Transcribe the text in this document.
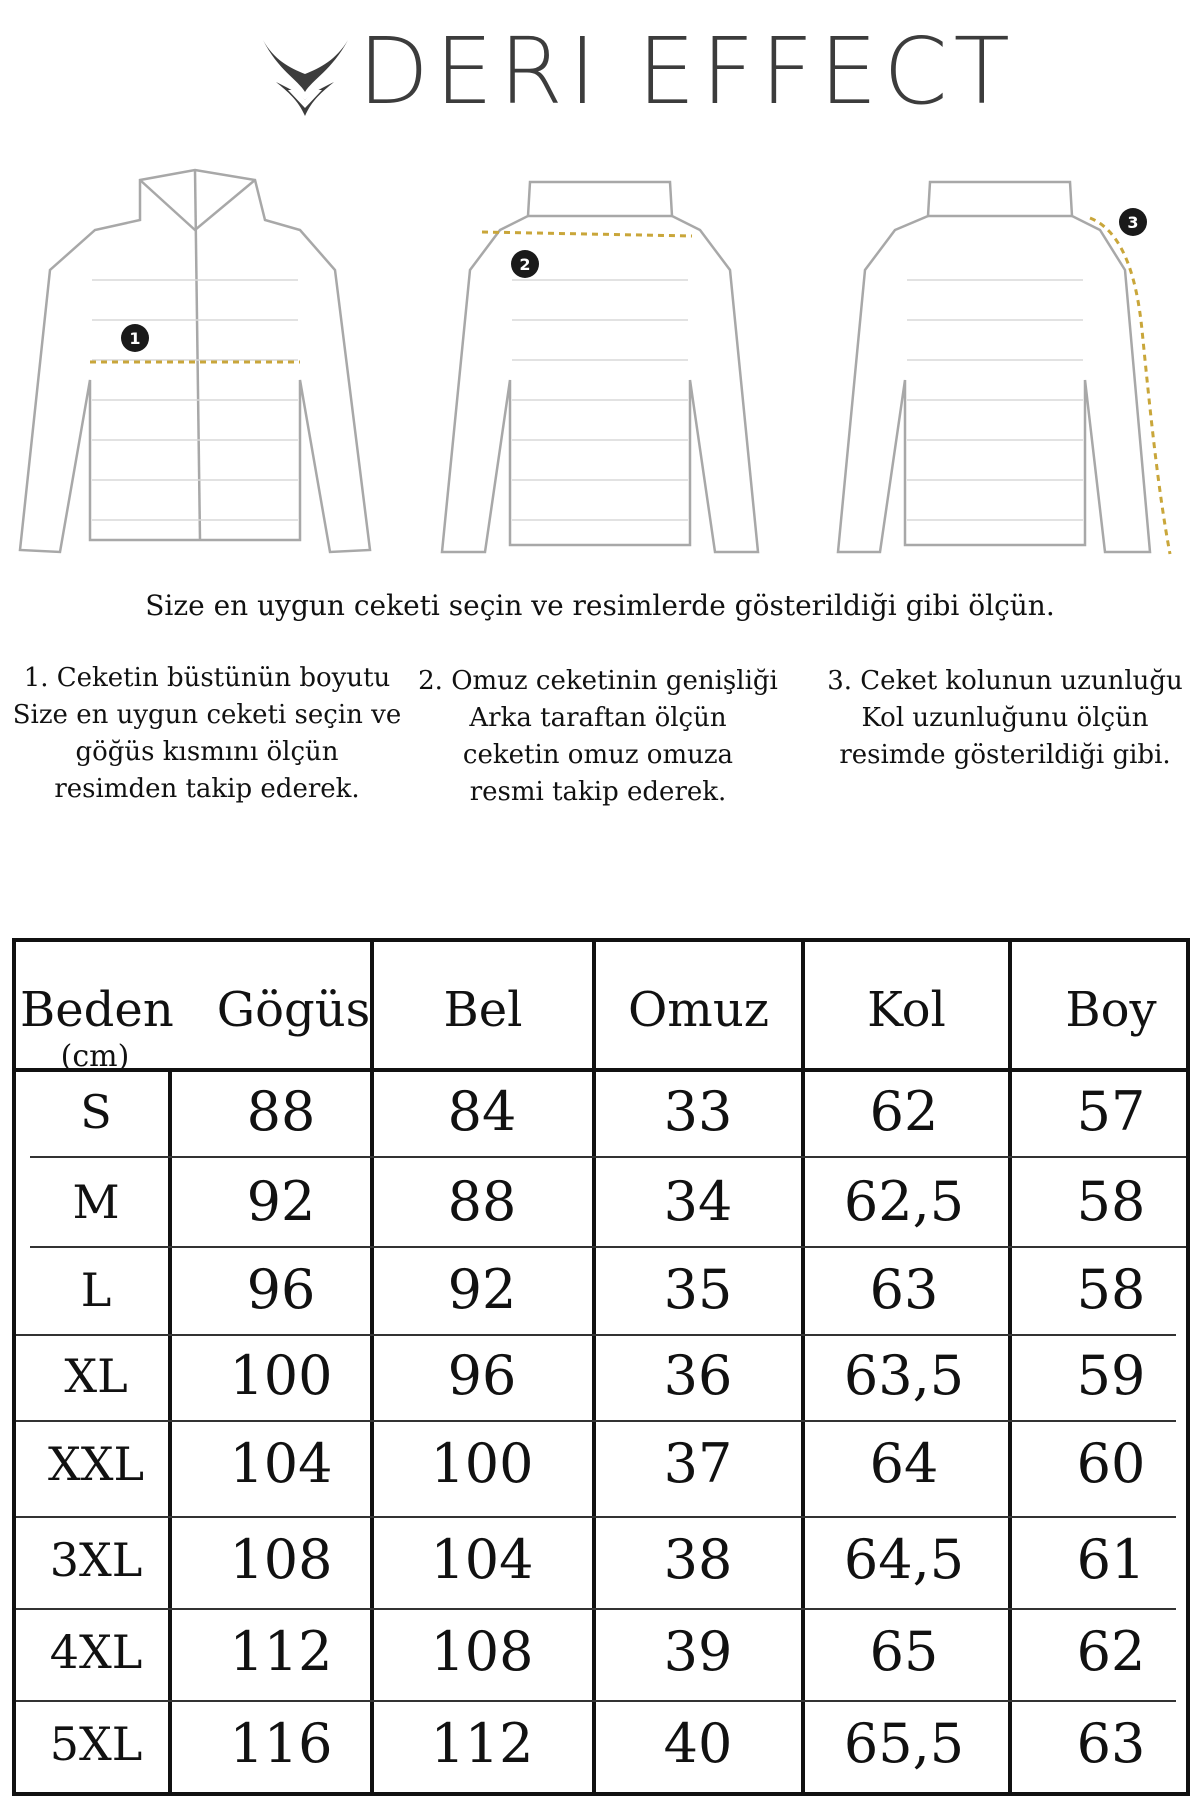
DERI EFFECT
1
2
3
Size en uygun ceketi seçin ve resimlerde gösterildiği gibi ölçün.
1. Ceketin büstünün boyutu
Size en uygun ceketi seçin ve
göğüs kısmını ölçün
resimden takip ederek.
2. Omuz ceketinin genişliği
Arka taraftan ölçün
ceketin omuz omuza
resmi takip ederek.
3. Ceket kolunun uzunluğu
Kol uzunluğunu ölçün
resimde gösterildiği gibi.
Beden
(cm)
Gögüs	Bel	Omuz	Kol	Boy
S	88	84	33	62	57
M	92	88	34	62,5	58
L	96	92	35	63	58
XL	100	96	36	63,5	59
XXL	104	100	37	64	60
3XL	108	104	38	64,5	61
4XL	112	108	39	65	62
5XL	116	112	40	65,5	63
